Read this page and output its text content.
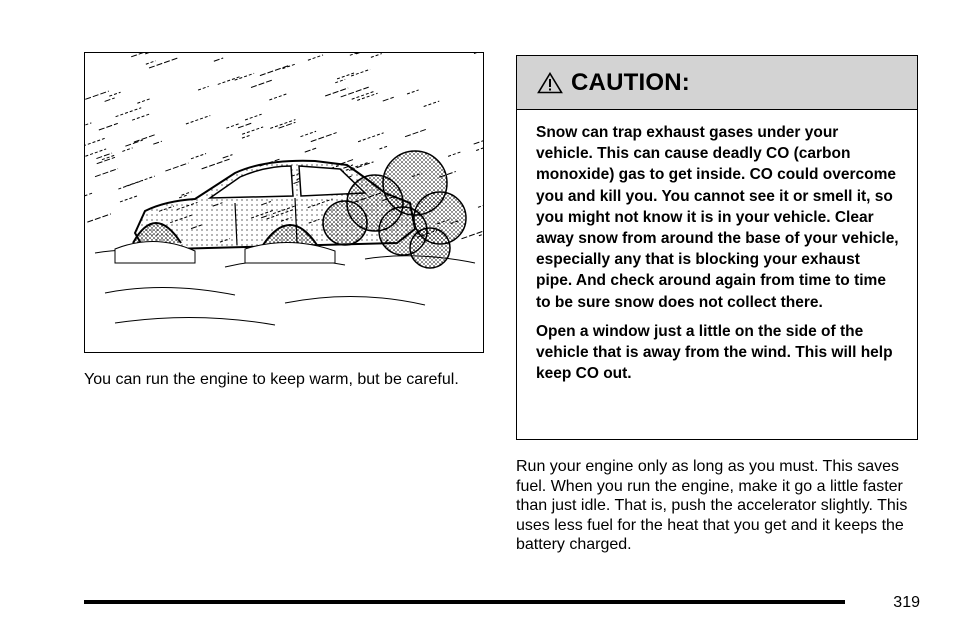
You can run the engine to keep warm, but be careful.

CAUTION:

Snow can trap exhaust gases under your vehicle. This can cause deadly CO (carbon monoxide) gas to get inside. CO could overcome you and kill you. You cannot see it or smell it, so you might not know it is in your vehicle. Clear away snow from around the base of your vehicle, especially any that is blocking your exhaust pipe. And check around again from time to time to be sure snow does not collect there.

Open a window just a little on the side of the vehicle that is away from the wind. This will help keep CO out.

Run your engine only as long as you must. This saves fuel. When you run the engine, make it go a little faster than just idle. That is, push the accelerator slightly. This uses less fuel for the heat that you get and it keeps the battery charged.

319
